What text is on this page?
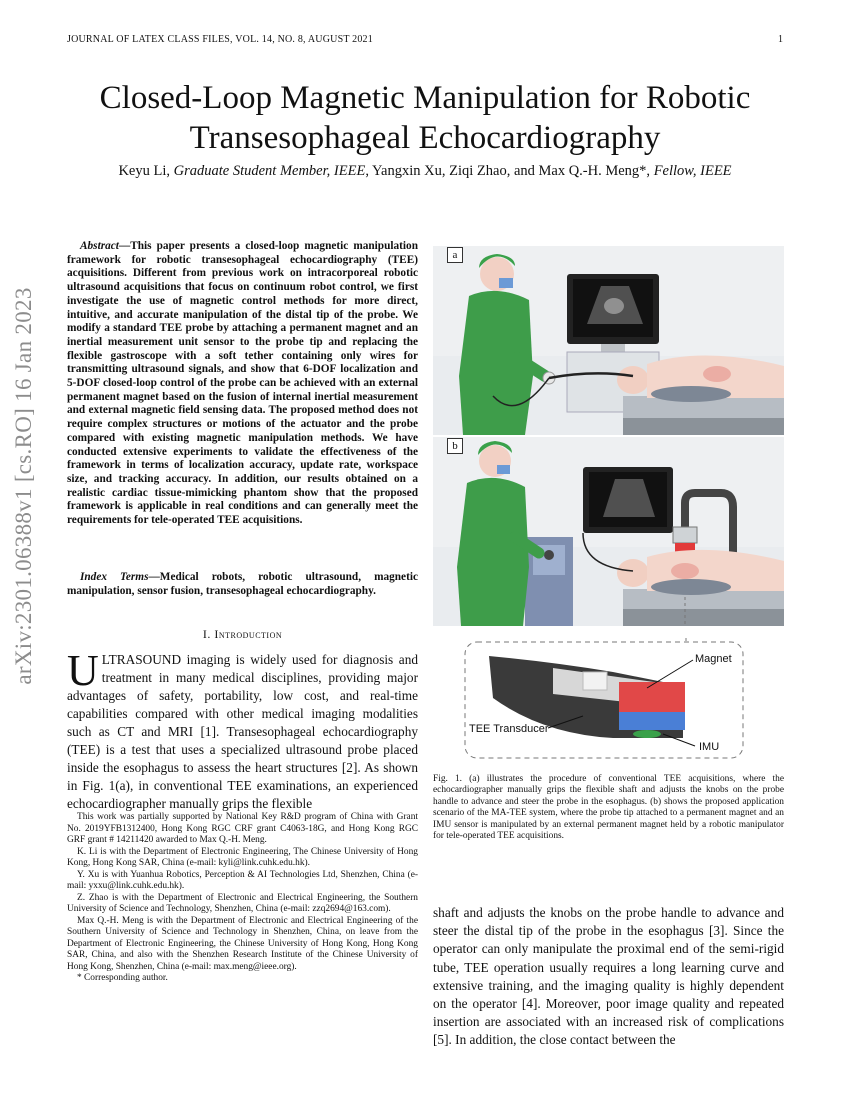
JOURNAL OF LATEX CLASS FILES, VOL. 14, NO. 8, AUGUST 2021	1
arXiv:2301.06388v1 [cs.RO] 16 Jan 2023
Closed-Loop Magnetic Manipulation for Robotic Transesophageal Echocardiography
Keyu Li, Graduate Student Member, IEEE, Yangxin Xu, Ziqi Zhao, and Max Q.-H. Meng*, Fellow, IEEE
Abstract—This paper presents a closed-loop magnetic manipulation framework for robotic transesophageal echocardiography (TEE) acquisitions. Different from previous work on intracorporeal robotic ultrasound acquisitions that focus on continuum robot control, we first investigate the use of magnetic control methods for more direct, intuitive, and accurate manipulation of the distal tip of the probe. We modify a standard TEE probe by attaching a permanent magnet and an inertial measurement unit sensor to the probe tip and replacing the flexible gastroscope with a soft tether containing only wires for transmitting ultrasound signals, and show that 6-DOF localization and 5-DOF closed-loop control of the probe can be achieved with an external permanent magnet based on the fusion of internal inertial measurement and external magnetic field sensing data. The proposed method does not require complex structures or motions of the actuator and the probe compared with existing magnetic manipulation methods. We have conducted extensive experiments to validate the effectiveness of the framework in terms of localization accuracy, update rate, workspace size, and tracking accuracy. In addition, our results obtained on a realistic cardiac tissue-mimicking phantom show that the proposed framework is applicable in real conditions and can generally meet the requirements for tele-operated TEE acquisitions.
Index Terms—Medical robots, robotic ultrasound, magnetic manipulation, sensor fusion, transesophageal echocardiography.
I. Introduction
ULTRASOUND imaging is widely used for diagnosis and treatment in many medical disciplines, providing major advantages of safety, portability, low cost, and real-time capabilities compared with other medical imaging modalities such as CT and MRI [1]. Transesophageal echocardiography (TEE) is a test that uses a specialized ultrasound probe placed inside the esophagus to assess the heart structures [2]. As shown in Fig. 1(a), in conventional TEE examinations, an experienced echocardiographer manually grips the flexible

This work was partially supported by National Key R&D program of China with Grant No. 2019YFB1312400, Hong Kong RGC CRF grant C4063-18G, and Hong Kong RGC GRF grant # 14211420 awarded to Max Q.-H. Meng.

K. Li is with the Department of Electronic Engineering, The Chinese University of Hong Kong, Hong Kong SAR, China (e-mail: kyli@link.cuhk.edu.hk).

Y. Xu is with Yuanhua Robotics, Perception & AI Technologies Ltd, Shenzhen, China (e-mail: yxxu@link.cuhk.edu.hk).

Z. Zhao is with the Department of Electronic and Electrical Engineering, the Southern University of Science and Technology, Shenzhen, China (e-mail: zzq2694@163.com).

Max Q.-H. Meng is with the Department of Electronic and Electrical Engineering of the Southern University of Science and Technology in Shenzhen, China, on leave from the Department of Electronic Engineering, the Chinese University of Hong Kong, Hong Kong SAR, China, and also with the Shenzhen Research Institute of the Chinese University of Hong Kong, Shenzhen, China (e-mail: max.meng@ieee.org).

* Corresponding author.

a
b
Magnet
TEE Transducer
IMU
Fig. 1. (a) illustrates the procedure of conventional TEE acquisitions, where the echocardiographer manually grips the flexible shaft and adjusts the knobs on the probe handle to advance and steer the probe in the esophagus. (b) shows the proposed application scenario of the MA-TEE system, where the probe tip attached to a permanent magnet and an IMU sensor is manipulated by an external permanent magnet held by a robotic manipulator for tele-operated TEE acquisitions.
shaft and adjusts the knobs on the probe handle to advance and steer the distal tip of the probe in the esophagus [3]. Since the operator can only manipulate the proximal end of the semi-rigid tube, TEE operation usually requires a long learning curve and extensive training, and the imaging quality is highly dependent on the operator [4]. Moreover, poor image quality and repeated insertion are associated with an increased risk of complications [5]. In addition, the close contact between the
